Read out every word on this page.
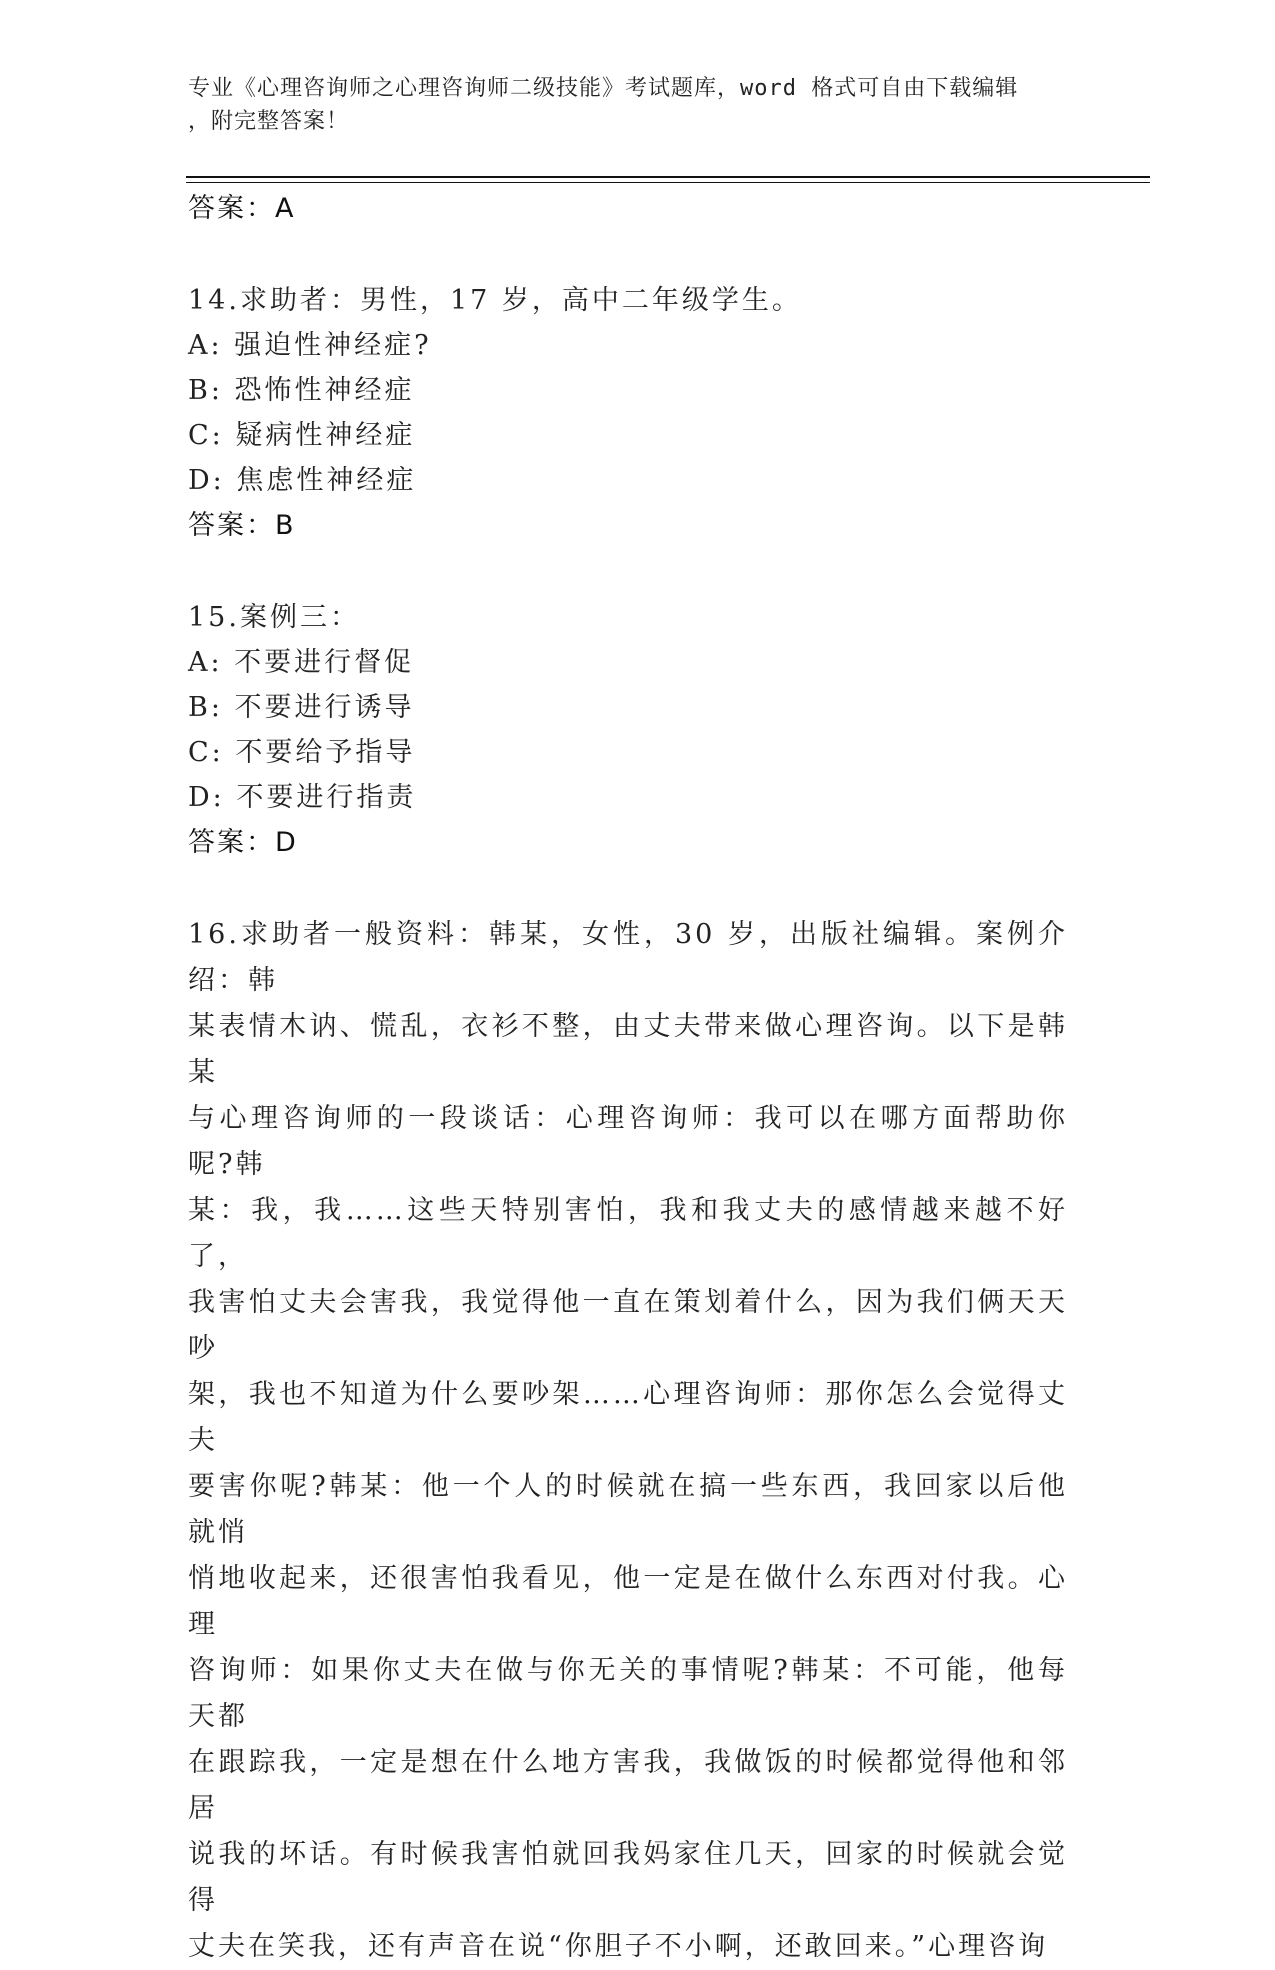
专业《心理咨询师之心理咨询师二级技能》考试题库，word 格式可自由下载编辑
，附完整答案！

答案：A

14.求助者：男性，17 岁，高中二年级学生。

A: 强迫性神经症?

B: 恐怖性神经症

C: 疑病性神经症

D: 焦虑性神经症

答案：B

15.案例三：

A: 不要进行督促

B: 不要进行诱导

C: 不要给予指导

D: 不要进行指责

答案：D

16.求助者一般资料：韩某，女性，30 岁，出版社编辑。案例介绍：韩

某表情木讷、慌乱，衣衫不整，由丈夫带来做心理咨询。以下是韩某

与心理咨询师的一段谈话：心理咨询师：我可以在哪方面帮助你呢?韩

某：我，我……这些天特别害怕，我和我丈夫的感情越来越不好了，

我害怕丈夫会害我，我觉得他一直在策划着什么，因为我们俩天天吵

架，我也不知道为什么要吵架……心理咨询师：那你怎么会觉得丈夫

要害你呢?韩某：他一个人的时候就在搞一些东西，我回家以后他就悄

悄地收起来，还很害怕我看见，他一定是在做什么东西对付我。心理

咨询师：如果你丈夫在做与你无关的事情呢?韩某：不可能，他每天都

在跟踪我，一定是想在什么地方害我，我做饭的时候都觉得他和邻居

说我的坏话。有时候我害怕就回我妈家住几天，回家的时候就会觉得

丈夫在笑我，还有声音在说“你胆子不小啊，还敢回来。”心理咨询
